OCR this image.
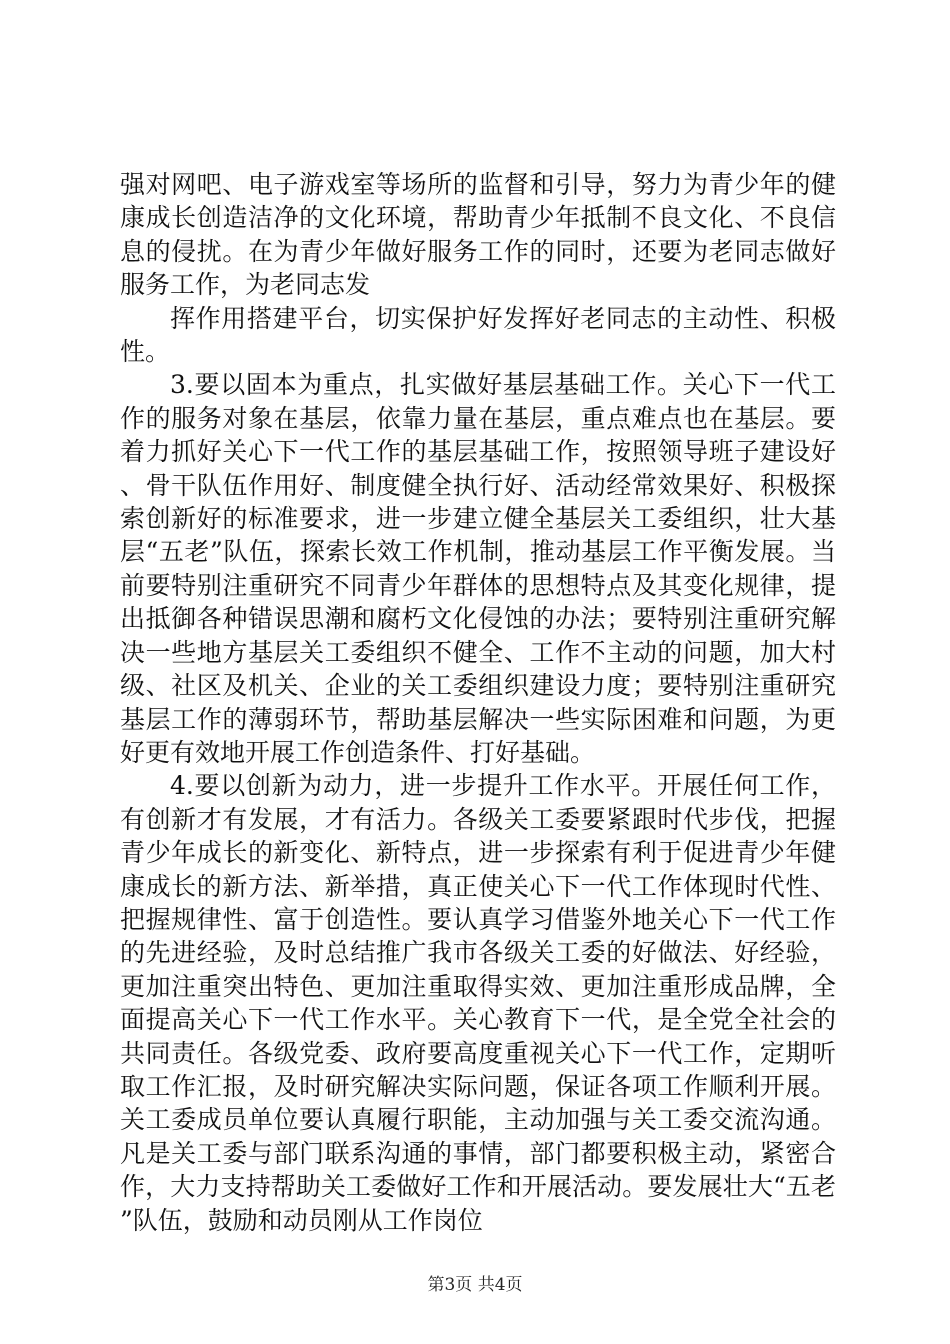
强对网吧、电子游戏室等场所的监督和引导，努力为青少年的健康成长创造洁净的文化环境，帮助青少年抵制不良文化、不良信息的侵扰。在为青少年做好服务工作的同时，还要为老同志做好服务工作，为老同志发

挥作用搭建平台，切实保护好发挥好老同志的主动性、积极性。

3.要以固本为重点，扎实做好基层基础工作。关心下一代工作的服务对象在基层，依靠力量在基层，重点难点也在基层。要着力抓好关心下一代工作的基层基础工作，按照领导班子建设好、骨干队伍作用好、制度健全执行好、活动经常效果好、积极探索创新好的标准要求，进一步建立健全基层关工委组织，壮大基层“五老”队伍，探索长效工作机制，推动基层工作平衡发展。当前要特别注重研究不同青少年群体的思想特点及其变化规律，提出抵御各种错误思潮和腐朽文化侵蚀的办法；要特别注重研究解决一些地方基层关工委组织不健全、工作不主动的问题，加大村级、社区及机关、企业的关工委组织建设力度；要特别注重研究基层工作的薄弱环节，帮助基层解决一些实际困难和问题，为更好更有效地开展工作创造条件、打好基础。

4.要以创新为动力，进一步提升工作水平。开展任何工作，有创新才有发展，才有活力。各级关工委要紧跟时代步伐，把握青少年成长的新变化、新特点，进一步探索有利于促进青少年健康成长的新方法、新举措，真正使关心下一代工作体现时代性、把握规律性、富于创造性。要认真学习借鉴外地关心下一代工作的先进经验，及时总结推广我市各级关工委的好做法、好经验，更加注重突出特色、更加注重取得实效、更加注重形成品牌，全面提高关心下一代工作水平。关心教育下一代，是全党全社会的共同责任。各级党委、政府要高度重视关心下一代工作，定期听取工作汇报，及时研究解决实际问题，保证各项工作顺利开展。关工委成员单位要认真履行职能，主动加强与关工委交流沟通。凡是关工委与部门联系沟通的事情，部门都要积极主动，紧密合作，大力支持帮助关工委做好工作和开展活动。要发展壮大“五老”队伍，鼓励和动员刚从工作岗位

第3页 共4页
